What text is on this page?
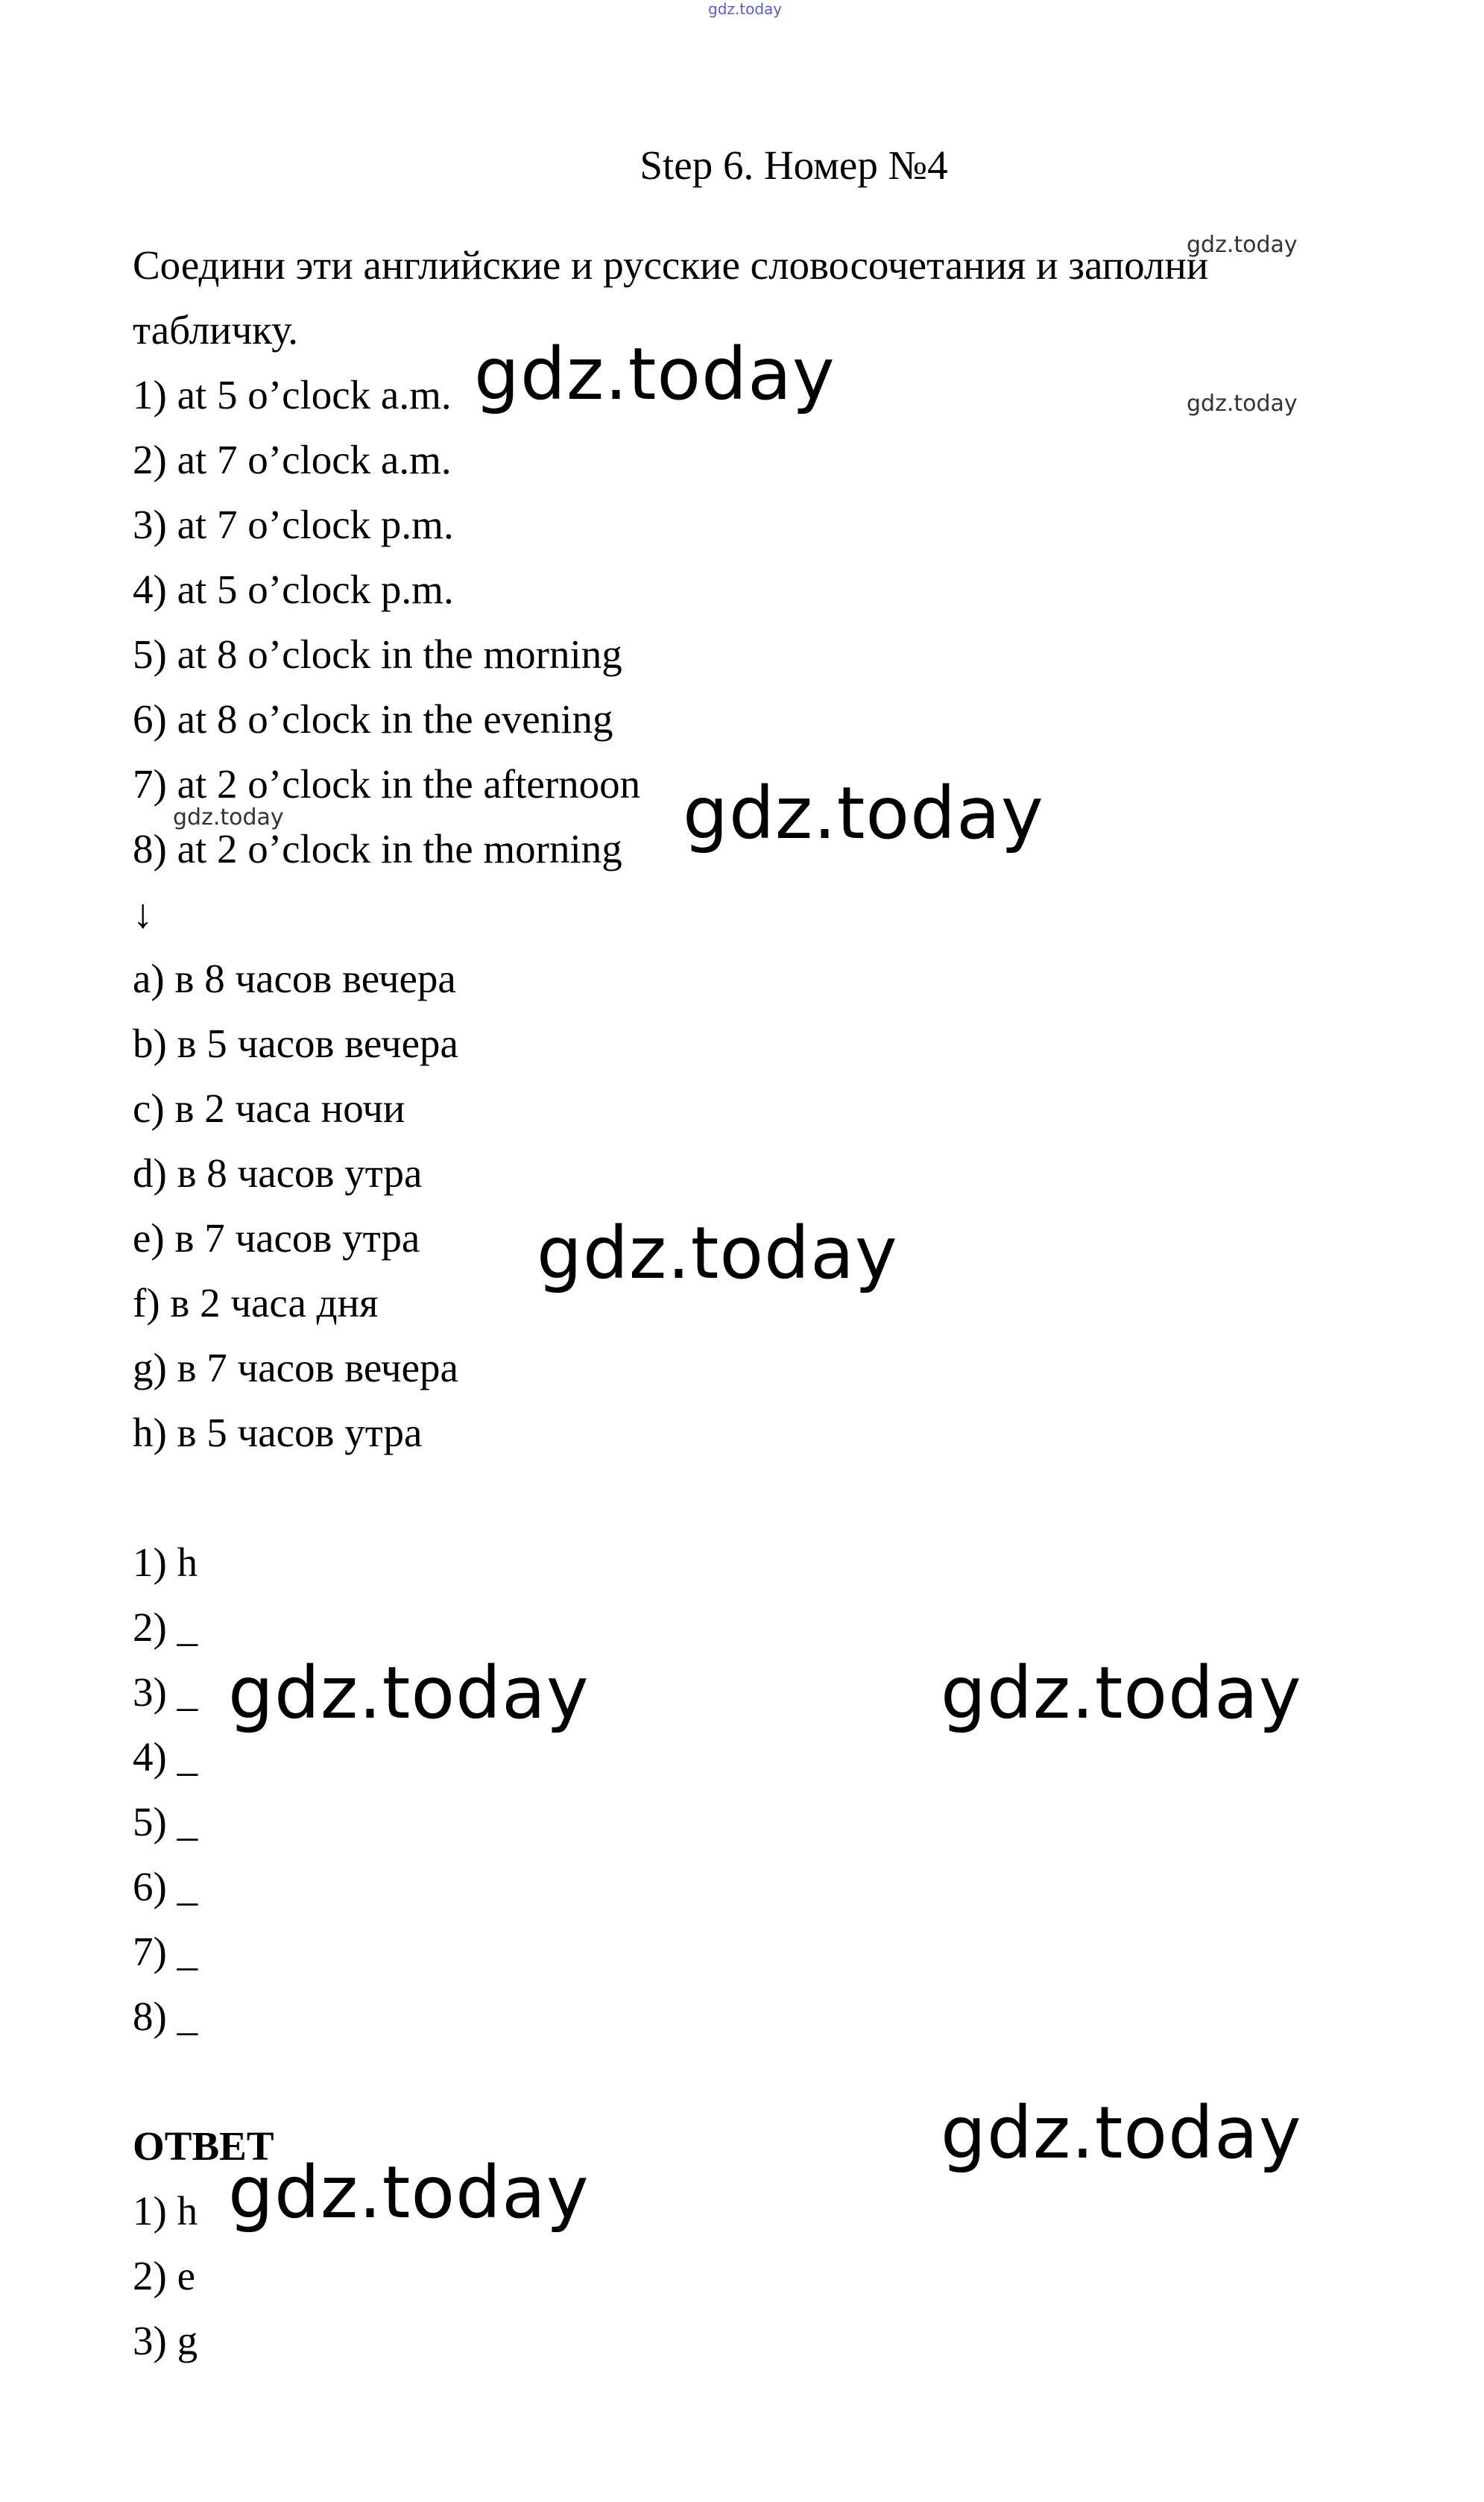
gdz.today
Step 6. Номер №4
Соедини эти английские и русские словосочетания и заполни
табличку.
1) at 5 o’clock a.m.
2) at 7 o’clock a.m.
3) at 7 o’clock p.m.
4) at 5 o’clock p.m.
5) at 8 o’clock in the morning
6) at 8 o’clock in the evening
7) at 2 o’clock in the afternoon
8) at 2 o’clock in the morning
↓
a) в 8 часов вечера
b) в 5 часов вечера
c) в 2 часа ночи
d) в 8 часов утра
e) в 7 часов утра
f) в 2 часа дня
g) в 7 часов вечера
h) в 5 часов утра
1) h
2) _
3) _
4) _
5) _
6) _
7) _
8) _
ОТВЕТ
1) h
2) e
3) g
gdz.today
gdz.today
gdz.today
gdz.today	gdz.today
gdz.today
gdz.today	gdz.today
gdz.today
gdz.today
